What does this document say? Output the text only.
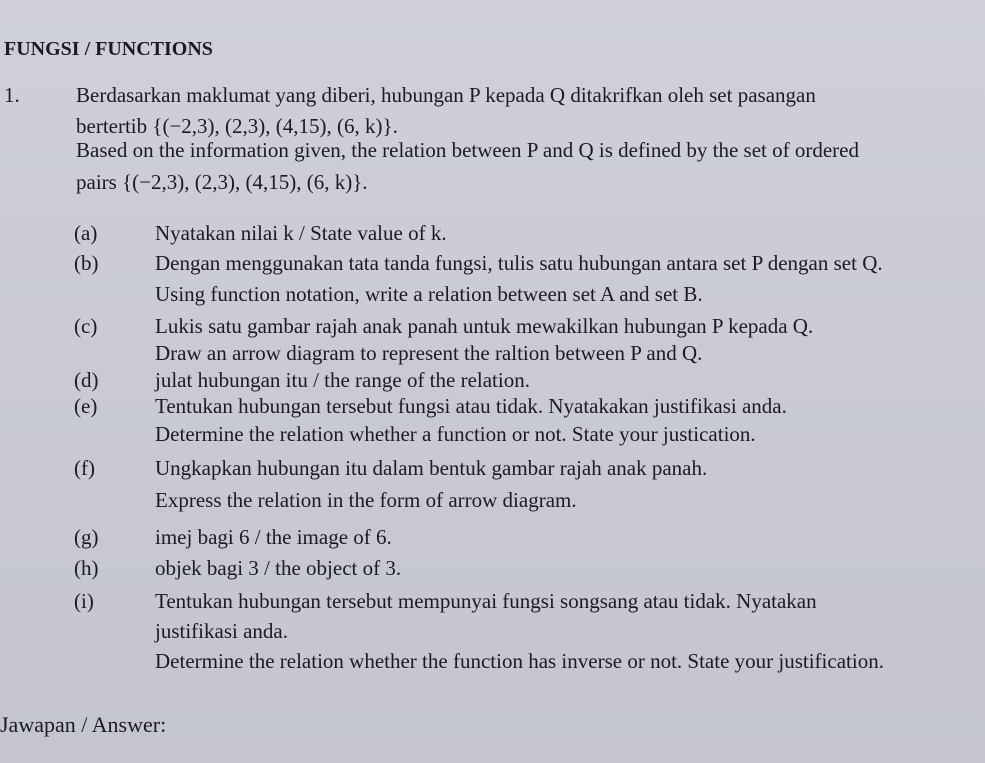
FUNGSI / FUNCTIONS
1.	Berdasarkan maklumat yang diberi, hubungan P kepada Q ditakrifkan oleh set pasangan
bertertib {(−2,3), (2,3), (4,15), (6, k)}.
Based on the information given, the relation between P and Q is defined by the set of ordered
pairs {(−2,3), (2,3), (4,15), (6, k)}.
(a)	Nyatakan nilai k / State value of k.
(b)	Dengan menggunakan tata tanda fungsi, tulis satu hubungan antara set P dengan set Q.
Using function notation, write a relation between set A and set B.
(c)	Lukis satu gambar rajah anak panah untuk mewakilkan hubungan P kepada Q.
Draw an arrow diagram to represent the raltion between P and Q.
(d)	julat hubungan itu / the range of the relation.
(e)	Tentukan hubungan tersebut fungsi atau tidak. Nyatakakan justifikasi anda.
Determine the relation whether a function or not. State your justication.
(f)	Ungkapkan hubungan itu dalam bentuk gambar rajah anak panah.
Express the relation in the form of arrow diagram.
(g)	imej bagi 6 / the image of 6.
(h)	objek bagi 3 / the object of 3.
(i)	Tentukan hubungan tersebut mempunyai fungsi songsang atau tidak. Nyatakan
justifikasi anda.
Determine the relation whether the function has inverse or not. State your justification.
Jawapan / Answer:
